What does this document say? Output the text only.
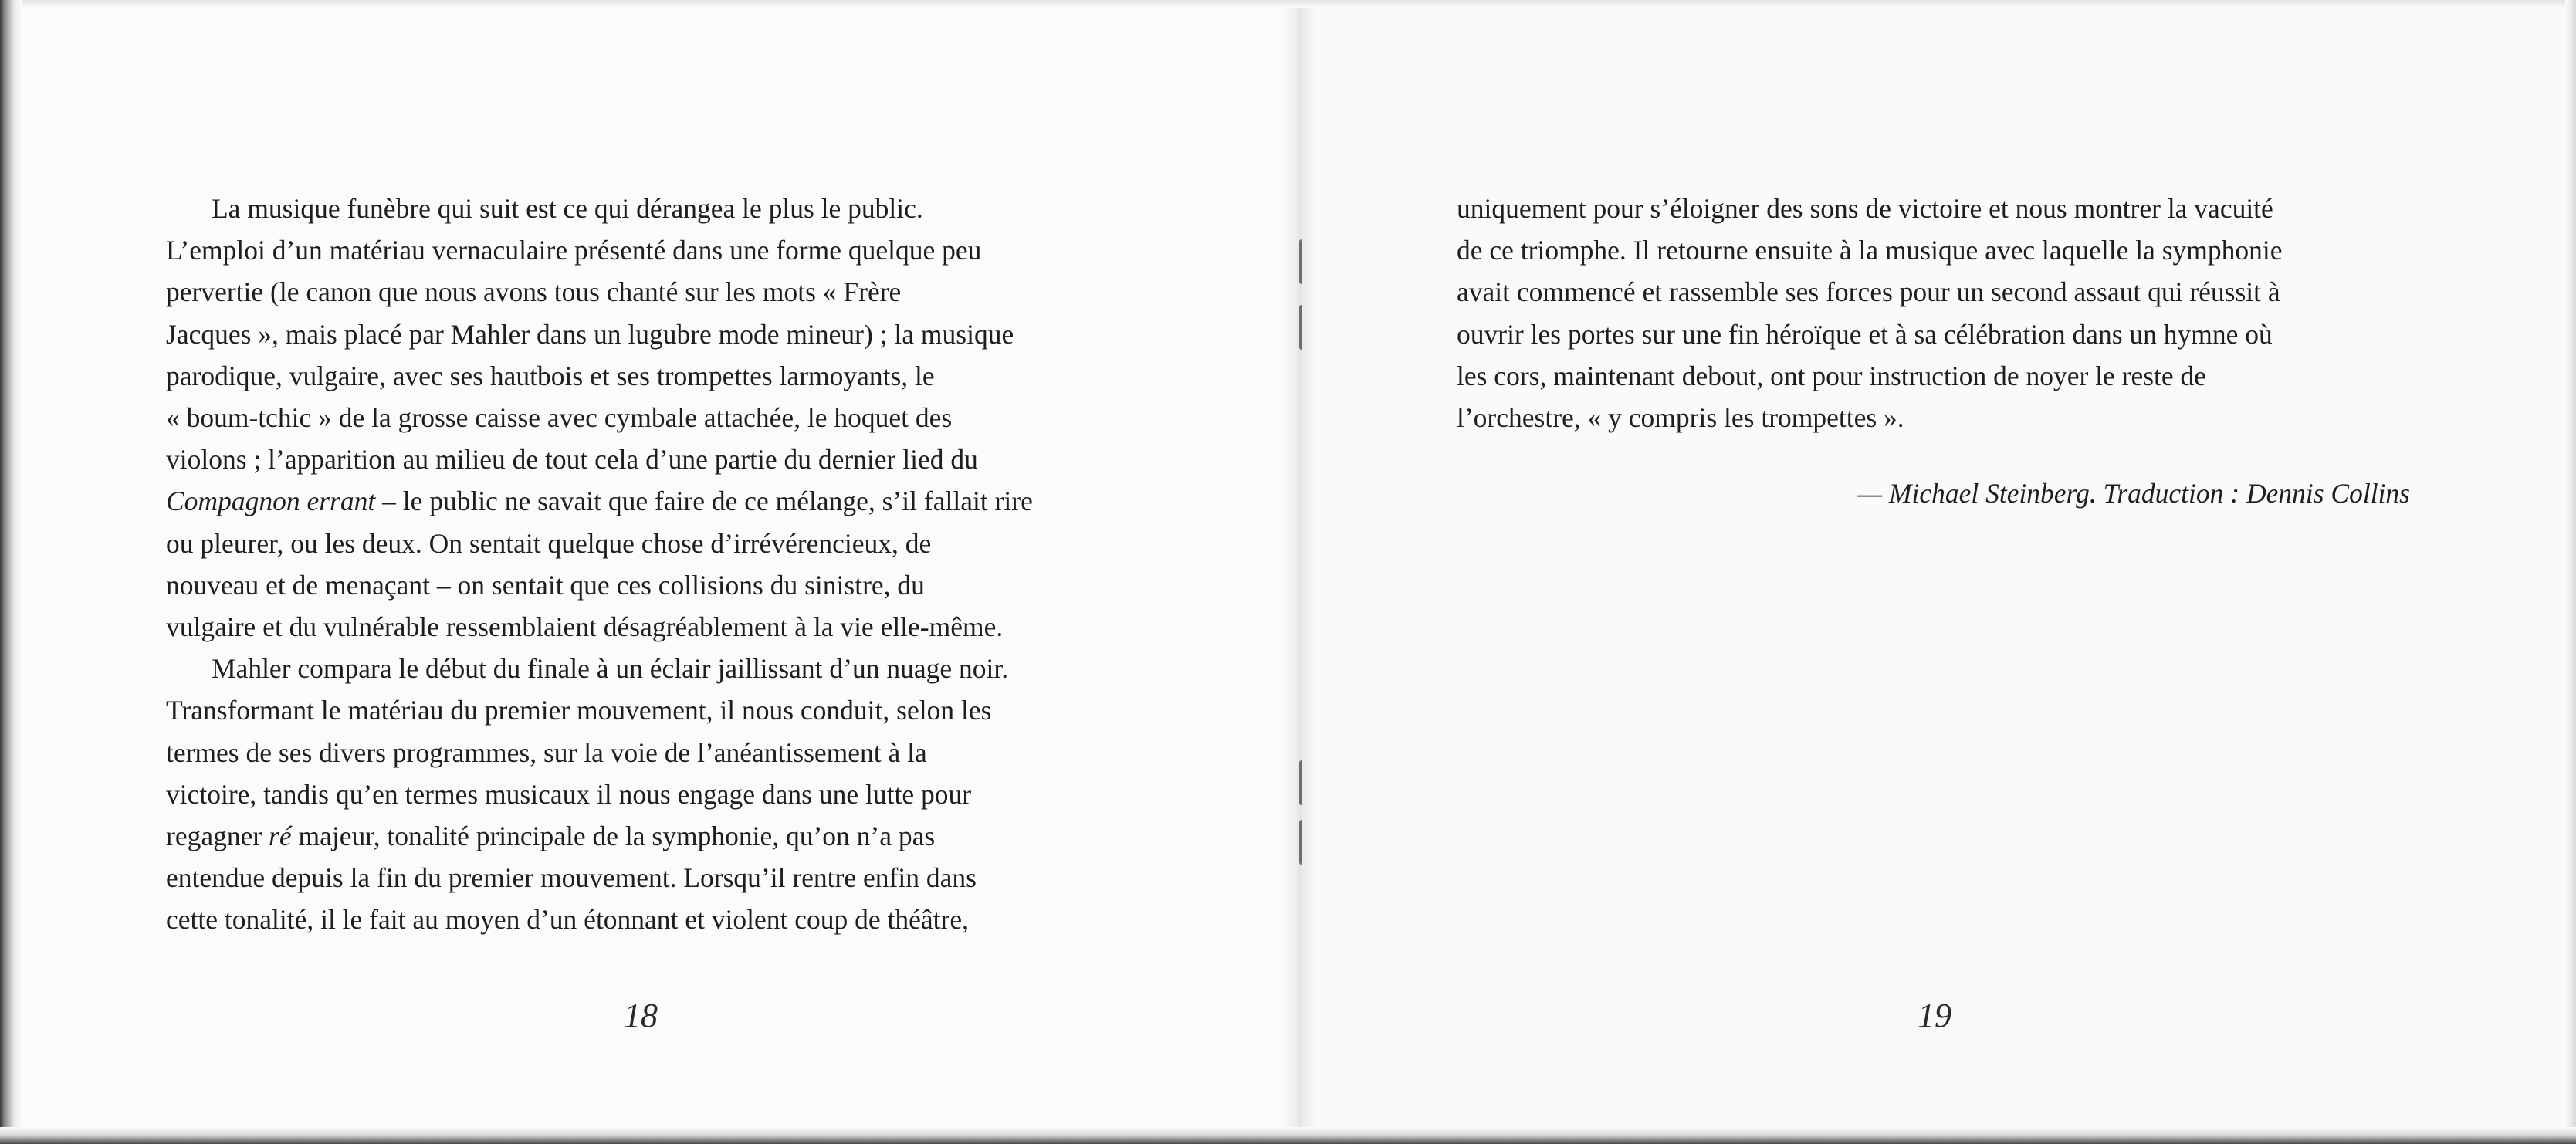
La musique funèbre qui suit est ce qui dérangea le plus le public.
L’emploi d’un matériau vernaculaire présenté dans une forme quelque peu
pervertie (le canon que nous avons tous chanté sur les mots « Frère
Jacques », mais placé par Mahler dans un lugubre mode mineur) ; la musique
parodique, vulgaire, avec ses hautbois et ses trompettes larmoyants, le
« boum-tchic » de la grosse caisse avec cymbale attachée, le hoquet des
violons ; l’apparition au milieu de tout cela d’une partie du dernier lied du
Compagnon errant – le public ne savait que faire de ce mélange, s’il fallait rire
ou pleurer, ou les deux. On sentait quelque chose d’irrévérencieux, de
nouveau et de menaçant – on sentait que ces collisions du sinistre, du
vulgaire et du vulnérable ressemblaient désagréablement à la vie elle-même.
Mahler compara le début du finale à un éclair jaillissant d’un nuage noir.
Transformant le matériau du premier mouvement, il nous conduit, selon les
termes de ses divers programmes, sur la voie de l’anéantissement à la
victoire, tandis qu’en termes musicaux il nous engage dans une lutte pour
regagner ré majeur, tonalité principale de la symphonie, qu’on n’a pas
entendue depuis la fin du premier mouvement. Lorsqu’il rentre enfin dans
cette tonalité, il le fait au moyen d’un étonnant et violent coup de théâtre,

uniquement pour s’éloigner des sons de victoire et nous montrer la vacuité
de ce triomphe. Il retourne ensuite à la musique avec laquelle la symphonie
avait commencé et rassemble ses forces pour un second assaut qui réussit à
ouvrir les portes sur une fin héroïque et à sa célébration dans un hymne où
les cors, maintenant debout, ont pour instruction de noyer le reste de
l’orchestre, « y compris les trompettes ».

— Michael Steinberg. Traduction : Dennis Collins
18	19
